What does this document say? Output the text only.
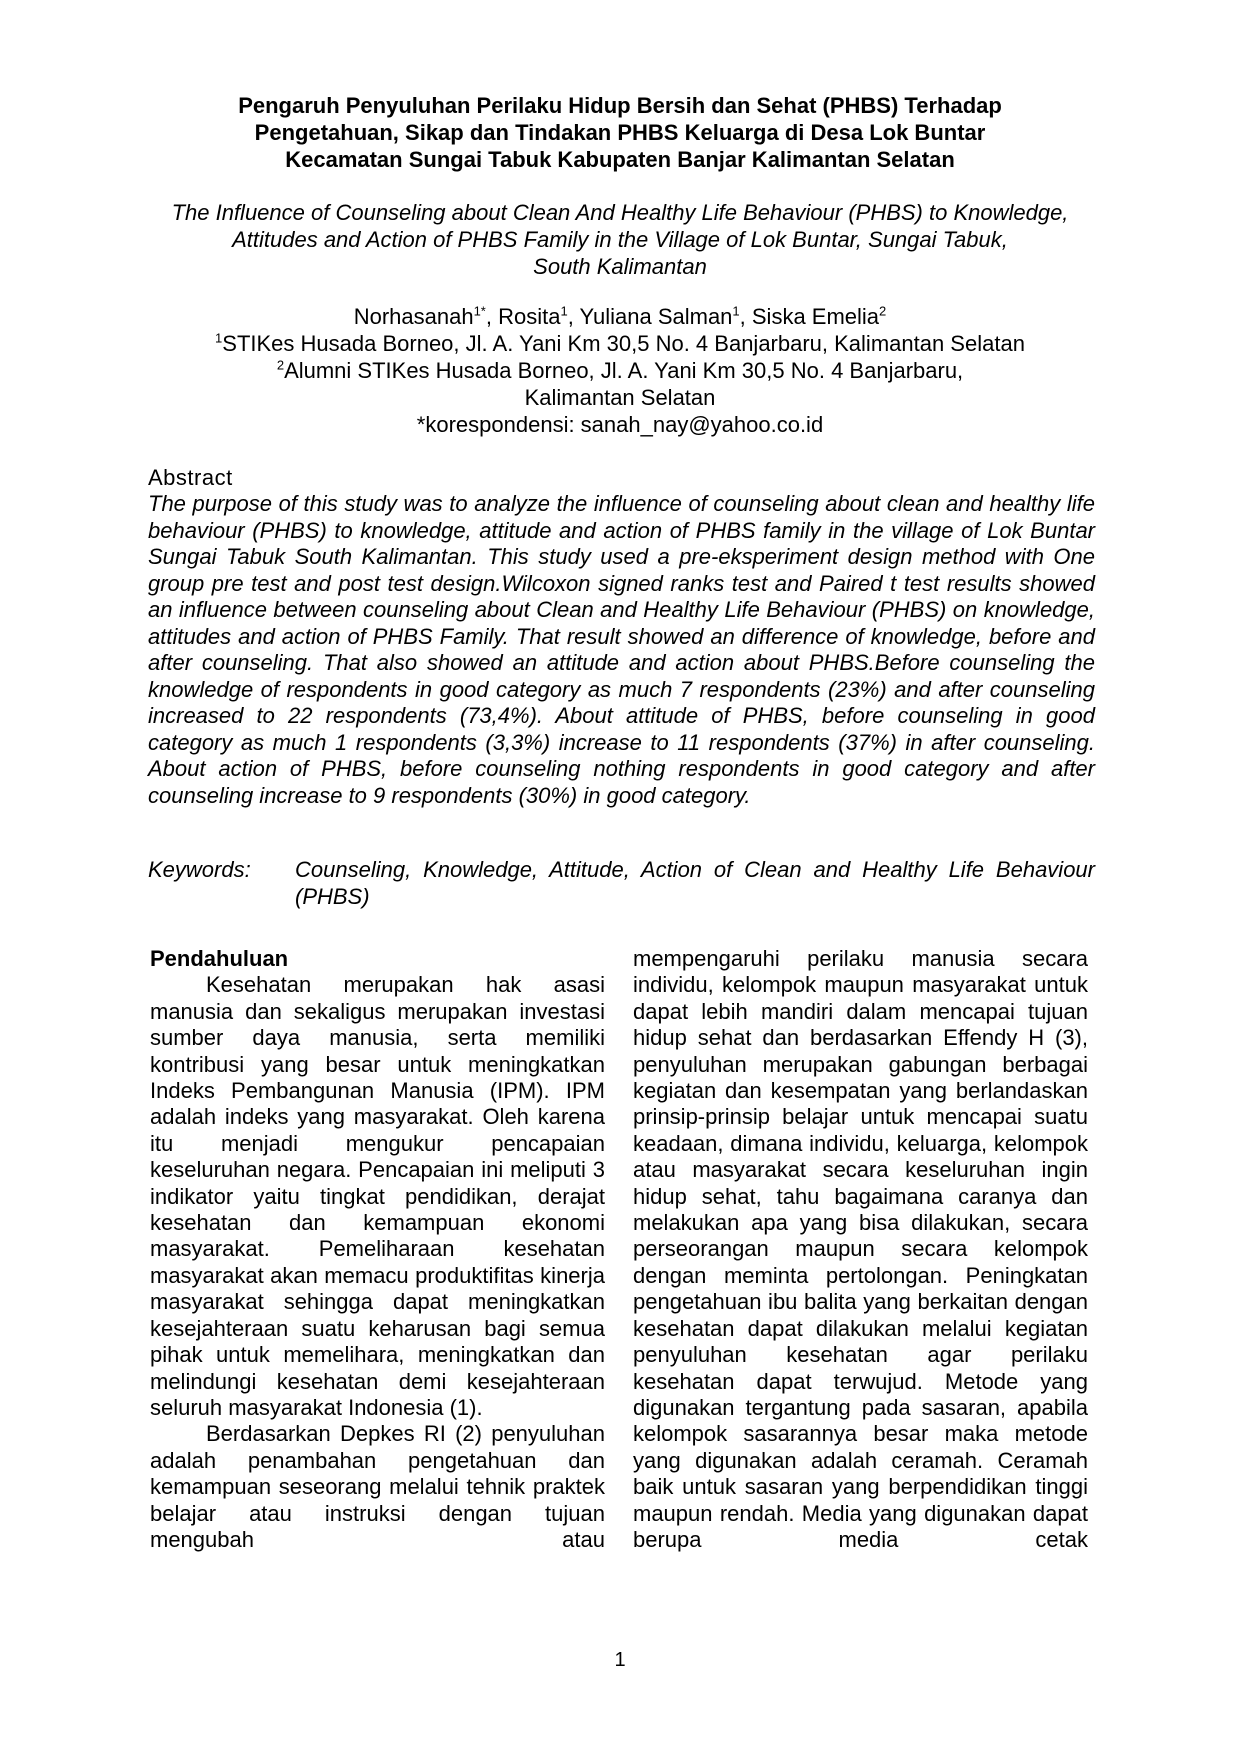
Pengaruh Penyuluhan Perilaku Hidup Bersih dan Sehat (PHBS) Terhadap
Pengetahuan, Sikap dan Tindakan PHBS Keluarga di Desa Lok Buntar
Kecamatan Sungai Tabuk Kabupaten Banjar Kalimantan Selatan
The Influence of Counseling about Clean And Healthy Life Behaviour (PHBS) to Knowledge,
Attitudes and Action of PHBS Family in the Village of Lok Buntar, Sungai Tabuk,
South Kalimantan
Norhasanah$^{1*}$, Rosita$^1$, Yuliana Salman$^1$, Siska Emelia$^2$
$^1$STIKes Husada Borneo, Jl. A. Yani Km 30,5 No. 4 Banjarbaru, Kalimantan Selatan
$^2$Alumni STIKes Husada Borneo, Jl. A. Yani Km 30,5 No. 4 Banjarbaru,
Kalimantan Selatan
*korespondensi: sanah_nay@yahoo.co.id
Abstract
The purpose of this study was to analyze the influence of counseling about clean and healthy life behaviour (PHBS) to knowledge, attitude and action of PHBS family in the village of Lok Buntar Sungai Tabuk South Kalimantan. This study used a pre-eksperiment design method with One group pre test and post test design.Wilcoxon signed ranks test and Paired t test results showed an influence between counseling about Clean and Healthy Life Behaviour (PHBS) on knowledge, attitudes and action of PHBS Family. That result showed an difference of knowledge, before and after counseling. That also showed an attitude and action about PHBS.Before counseling the knowledge of respondents in good category as much 7 respondents (23%) and after counseling increased to 22 respondents (73,4%). About attitude of PHBS, before counseling in good category as much 1 respondents (3,3%) increase to 11 respondents (37%) in after counseling. About action of PHBS, before counseling nothing respondents in good category and after counseling increase to 9 respondents (30%) in good category.
Keywords: Counseling, Knowledge, Attitude, Action of Clean and Healthy Life Behaviour (PHBS)

Pendahuluan

Kesehatan merupakan hak asasi manusia dan sekaligus merupakan investasi sumber daya manusia, serta memiliki kontribusi yang besar untuk meningkatkan Indeks Pembangunan Manusia (IPM). IPM adalah indeks yang masyarakat. Oleh karena itu menjadi mengukur pencapaian keseluruhan negara. Pencapaian ini meliputi 3 indikator yaitu tingkat pendidikan, derajat kesehatan dan kemampuan ekonomi masyarakat. Pemeliharaan kesehatan masyarakat akan memacu produktifitas kinerja masyarakat sehingga dapat meningkatkan kesejahteraan suatu keharusan bagi semua pihak untuk memelihara, meningkatkan dan melindungi kesehatan demi kesejahteraan seluruh masyarakat Indonesia (1).

Berdasarkan Depkes RI (2) penyuluhan adalah penambahan pengetahuan dan kemampuan seseorang melalui tehnik praktek belajar atau instruksi dengan tujuan mengubah atau

mempengaruhi perilaku manusia secara individu, kelompok maupun masyarakat untuk dapat lebih mandiri dalam mencapai tujuan hidup sehat dan berdasarkan Effendy H (3), penyuluhan merupakan gabungan berbagai kegiatan dan kesempatan yang berlandaskan prinsip-prinsip belajar untuk mencapai suatu keadaan, dimana individu, keluarga, kelompok atau masyarakat secara keseluruhan ingin hidup sehat, tahu bagaimana caranya dan melakukan apa yang bisa dilakukan, secara perseorangan maupun secara kelompok dengan meminta pertolongan. Peningkatan pengetahuan ibu balita yang berkaitan dengan kesehatan dapat dilakukan melalui kegiatan penyuluhan kesehatan agar perilaku kesehatan dapat terwujud. Metode yang digunakan tergantung pada sasaran, apabila kelompok sasarannya besar maka metode yang digunakan adalah ceramah. Ceramah baik untuk sasaran yang berpendidikan tinggi maupun rendah. Media yang digunakan dapat berupa media cetak

1
